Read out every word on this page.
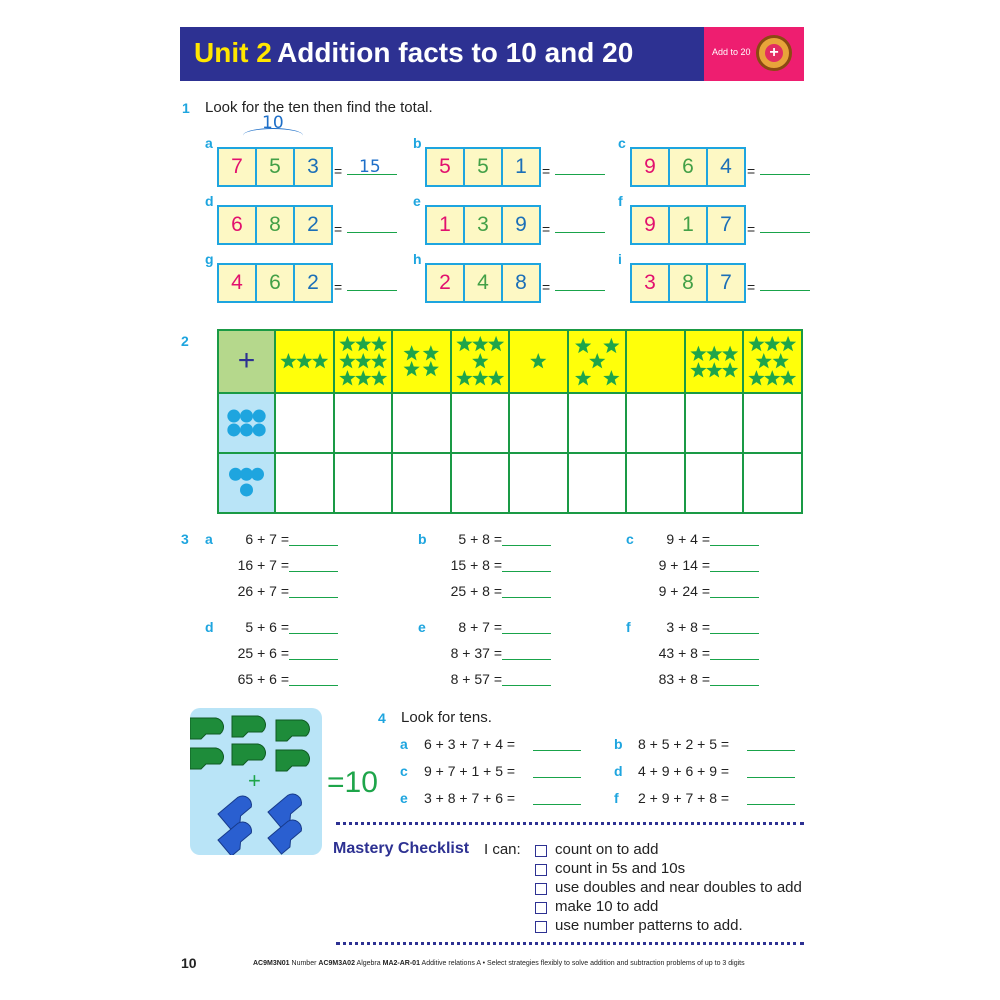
Unit 2 Addition facts to 10 and 20	Add to 20 +
1 Look for the ten then find the total.
a
7	5	3	= 15
b
5	5	1	=
c
9	6	4	=
d
6	8	2	=
e
1	3	9	=
f
9	1	7	=
g
4	6	2	=
h
2	4	8	=
i
3	8	7	=
10
2
+
3 a	6 + 7 =
16 + 7 =
26 + 7 =
b	5 + 8 =
15 + 8 =
25 + 8 =
c	9 + 4 =
9 + 14 =
9 + 24 =
d	5 + 6 =
25 + 6 =
65 + 6 =
e	8 + 7 =
8 + 37 =
8 + 57 =
f	3 + 8 =
43 + 8 =
83 + 8 =
+ =10
4 Look for tens.
a 6 + 3 + 7 + 4 =	b 8 + 5 + 2 + 5 =
c 9 + 7 + 1 + 5 =	d 4 + 9 + 6 + 9 =
e 3 + 8 + 7 + 6 =	f 2 + 9 + 7 + 8 =
Mastery Checklist I can: count on to add
count in 5s and 10s
use doubles and near doubles to add
make 10 to add
use number patterns to add.
10	AC9M3N01 Number AC9M3A02 Algebra MA2-AR-01 Additive relations A • Select strategies flexibly to solve addition and subtraction problems of up to 3 digits
